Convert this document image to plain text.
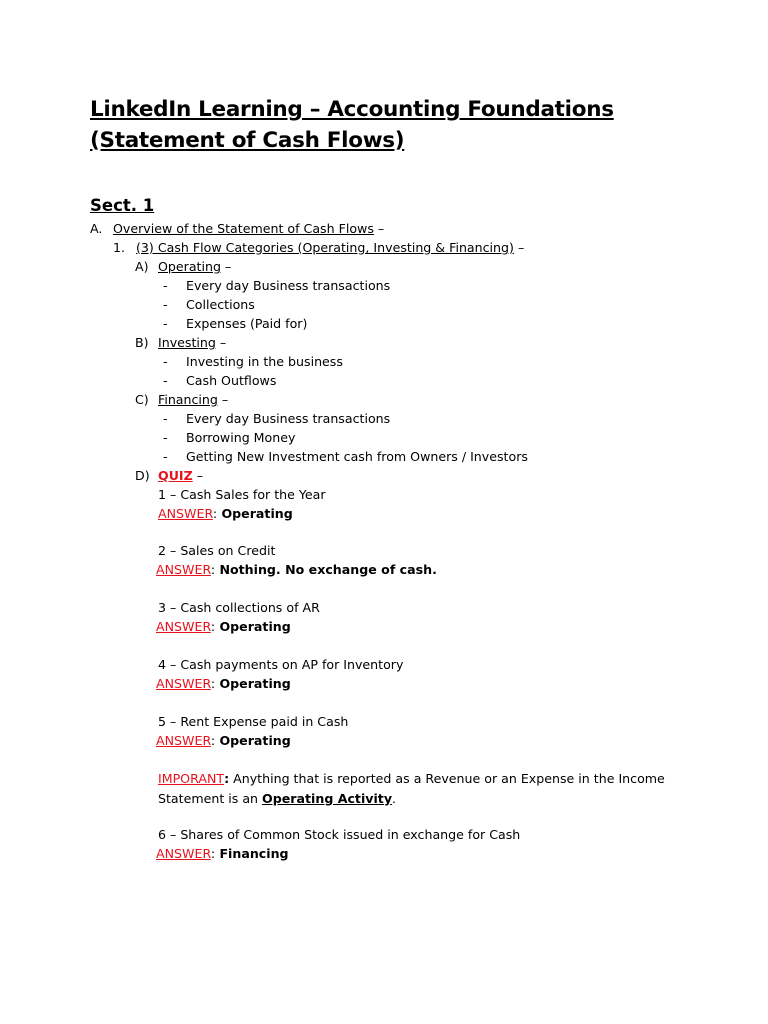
LinkedIn Learning – Accounting Foundations (Statement of Cash Flows)
Sect. 1
A. Overview of the Statement of Cash Flows –
1. (3) Cash Flow Categories (Operating, Investing & Financing) –
A) Operating –
- Every day Business transactions
- Collections
- Expenses (Paid for)
B) Investing –
- Investing in the business
- Cash Outflows
C) Financing –
- Every day Business transactions
- Borrowing Money
- Getting New Investment cash from Owners / Investors
D) QUIZ –
1 – Cash Sales for the Year
ANSWER: Operating
2 – Sales on Credit
ANSWER: Nothing. No exchange of cash.
3 – Cash collections of AR
ANSWER: Operating
4 – Cash payments on AP for Inventory
ANSWER: Operating
5 – Rent Expense paid in Cash
ANSWER: Operating
IMPORANT: Anything that is reported as a Revenue or an Expense in the Income Statement is an Operating Activity.
6 – Shares of Common Stock issued in exchange for Cash
ANSWER: Financing
